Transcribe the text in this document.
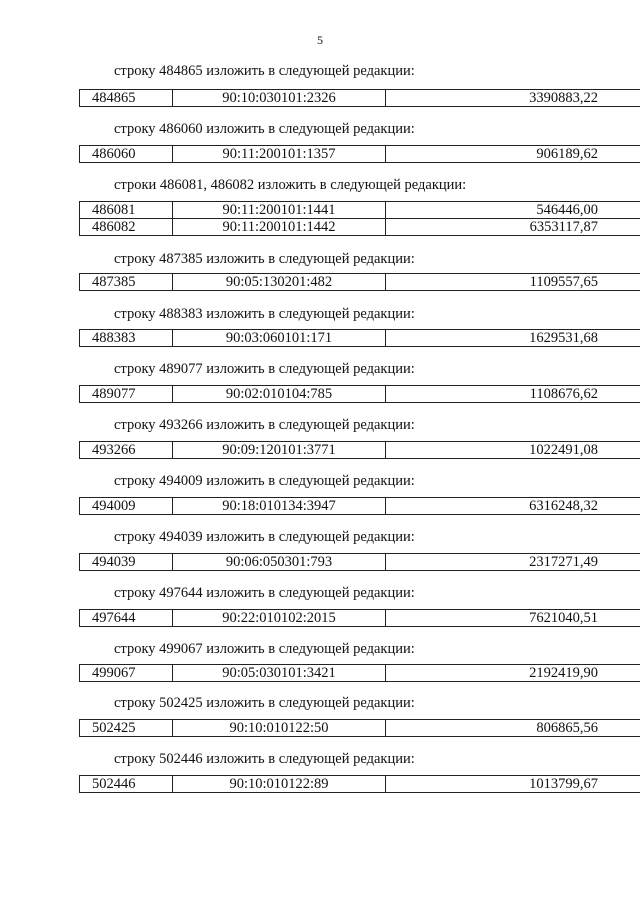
5
строку 484865 изложить в следующей редакции:
484865	90:10:030101:2326	3390883,22
строку 486060 изложить в следующей редакции:
486060	90:11:200101:1357	906189,62
строки 486081, 486082 изложить в следующей редакции:
486081	90:11:200101:1441	546446,00
486082	90:11:200101:1442	6353117,87
строку 487385 изложить в следующей редакции:
487385	90:05:130201:482	1109557,65
строку 488383 изложить в следующей редакции:
488383	90:03:060101:171	1629531,68
строку 489077 изложить в следующей редакции:
489077	90:02:010104:785	1108676,62
строку 493266 изложить в следующей редакции:
493266	90:09:120101:3771	1022491,08
строку 494009 изложить в следующей редакции:
494009	90:18:010134:3947	6316248,32
строку 494039 изложить в следующей редакции:
494039	90:06:050301:793	2317271,49
строку 497644 изложить в следующей редакции:
497644	90:22:010102:2015	7621040,51
строку 499067 изложить в следующей редакции:
499067	90:05:030101:3421	2192419,90
строку 502425 изложить в следующей редакции:
502425	90:10:010122:50	806865,56
строку 502446 изложить в следующей редакции:
502446	90:10:010122:89	1013799,67
